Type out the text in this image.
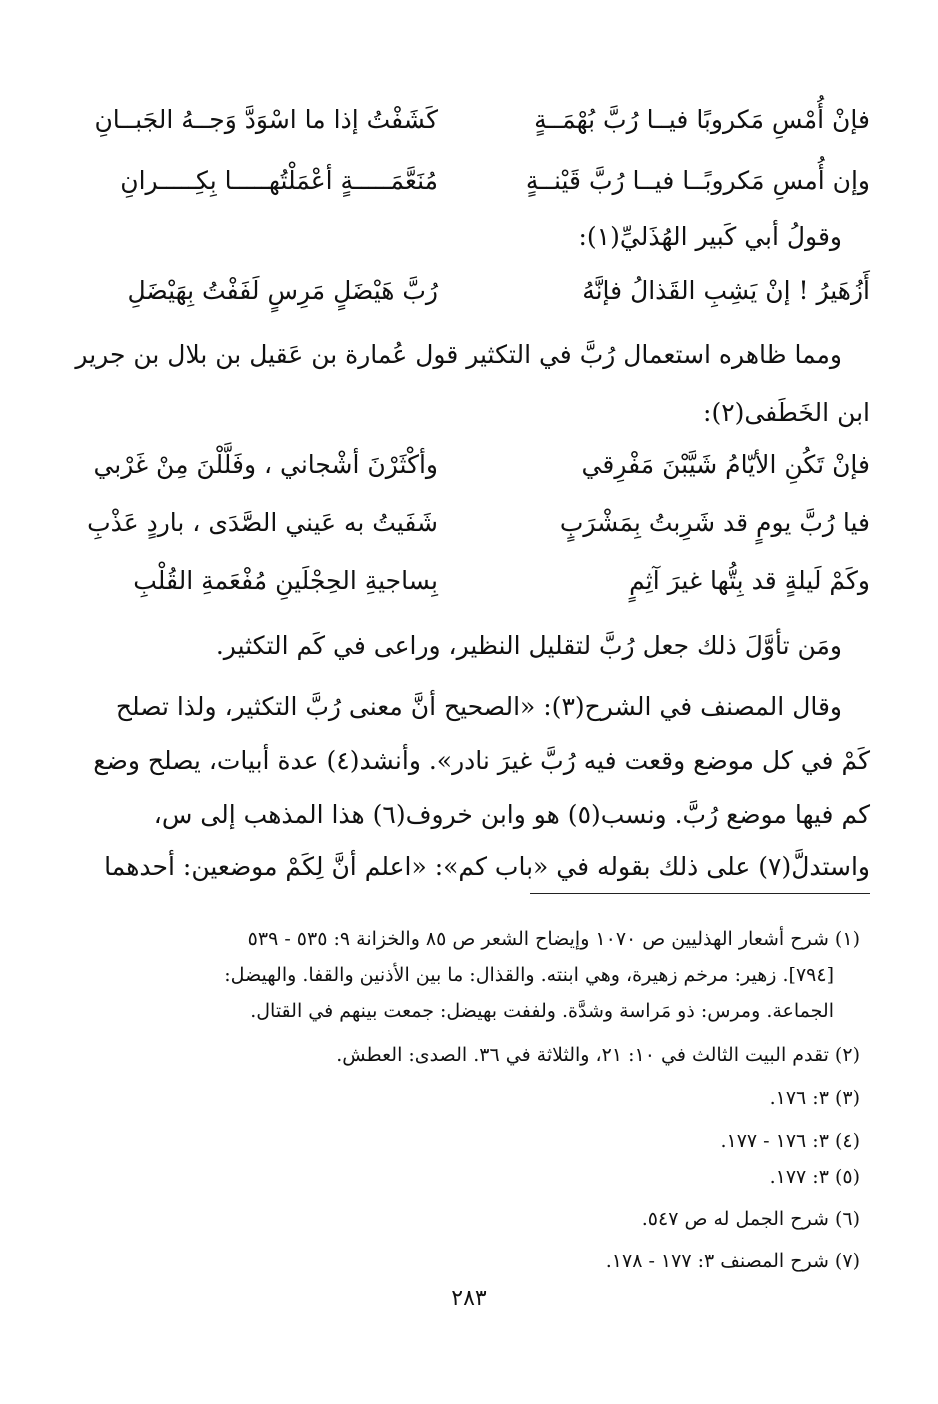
فإنْ أُمْسِ مَكروبًا فيــا رُبَّ بُهْمَــةٍ
كَشَفْتُ إذا ما اسْوَدَّ وَجــهُ الجَبــانِ
وإن أُمسِ مَكروبًــا فيــا رُبَّ قَيْنــةٍ
مُنَعَّمَـــــةٍ أعْمَلْتُهـــــا بِكِـــــرانِ
وقولُ أبي كَبير الهُذَليِّ(١):
أَزُهَيرُ ! إنْ يَشِبِ القَذالُ فإنَّهُ
رُبَّ هَيْضَلٍ مَرِسٍ لَفَفْتُ بِهَيْضَلِ
ومما ظاهره استعمال رُبَّ في التكثير قول عُمارة بن عَقيل بن بلال بن جرير
ابن الخَطَفى(٢):
فإنْ تَكُنِ الأيّامُ شَيَّبْنَ مَفْرِقي
وأكْثَرْنَ أشْجاني ، وفَلَّلْنَ مِنْ غَرْبي
فيا رُبَّ يومٍ قد شَرِبتُ بِمَشْرَبٍ
شَفَيتُ به عَيني الصَّدَى ، باردٍ عَذْبِ
وكَمْ لَيلةٍ قد بِتُّها غيرَ آثِمٍ
بِساجيةِ الحِجْلَينِ مُفْعَمةِ القُلْبِ
ومَن تأوَّلَ ذلك جعل رُبَّ لتقليل النظير، وراعى في كَم التكثير.
وقال المصنف في الشرح(٣): «الصحيح أنَّ معنى رُبَّ التكثير، ولذا تصلح
كَمْ في كل موضع وقعت فيه رُبَّ غيرَ نادر». وأنشد(٤) عدة أبيات، يصلح وضع
كم فيها موضع رُبَّ. ونسب(٥) هو وابن خروف(٦) هذا المذهب إلى س،
واستدلَّ(٧) على ذلك بقوله في «باب كم»: «اعلم أنَّ لِكَمْ موضعين: أحدهما
(١) شرح أشعار الهذليين ص ١٠٧٠ وإيضاح الشعر ص ٨٥ والخزانة ٩: ٥٣٥ - ٥٣٩
[٧٩٤]. زهير: مرخم زهيرة، وهي ابنته. والقذال: ما بين الأذنين والقفا. والهيضل:
الجماعة. ومرس: ذو مَراسة وشدَّة. ولففت بهيضل: جمعت بينهم في القتال.
(٢) تقدم البيت الثالث في ١٠: ٢١، والثلاثة في ٣٦. الصدى: العطش.
(٣) ٣: ١٧٦.
(٤) ٣: ١٧٦ - ١٧٧.
(٥) ٣: ١٧٧.
(٦) شرح الجمل له ص ٥٤٧.
(٧) شرح المصنف ٣: ١٧٧ - ١٧٨.
٢٨٣
